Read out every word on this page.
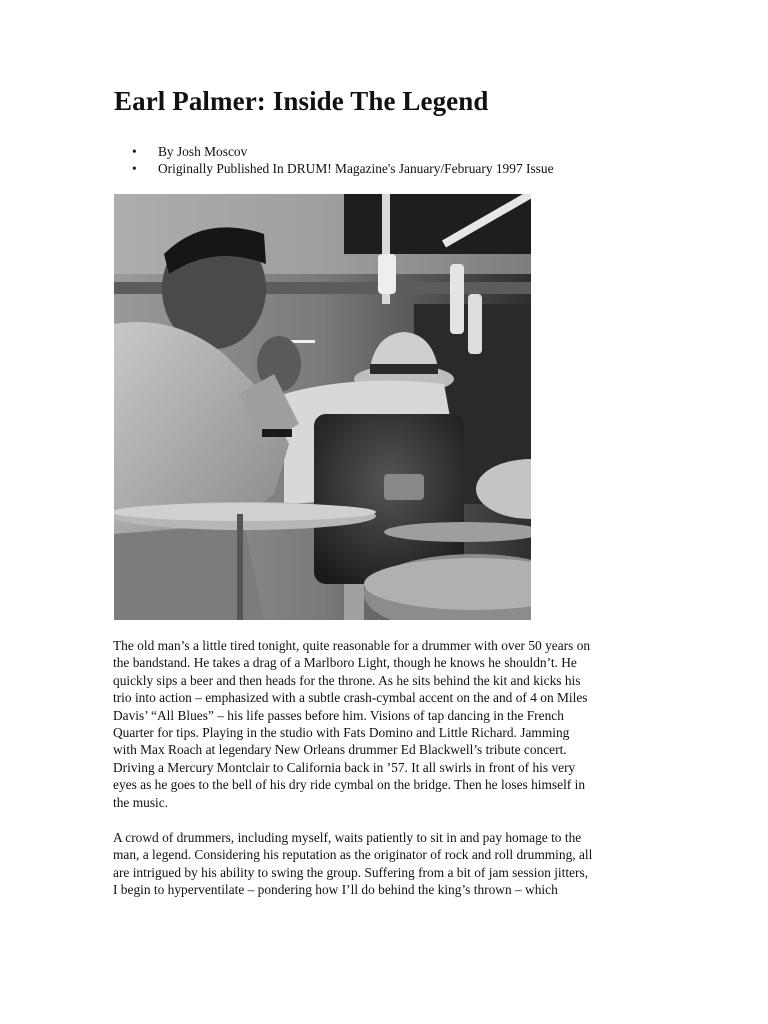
Earl Palmer: Inside The Legend
• By Josh Moscov
• Originally Published In DRUM! Magazine's January/February 1997 Issue
The old man’s a little tired tonight, quite reasonable for a drummer with over 50 years on
the bandstand. He takes a drag of a Marlboro Light, though he knows he shouldn’t. He
quickly sips a beer and then heads for the throne. As he sits behind the kit and kicks his
trio into action – emphasized with a subtle crash-cymbal accent on the and of 4 on Miles
Davis’ “All Blues” – his life passes before him. Visions of tap dancing in the French
Quarter for tips. Playing in the studio with Fats Domino and Little Richard. Jamming
with Max Roach at legendary New Orleans drummer Ed Blackwell’s tribute concert.
Driving a Mercury Montclair to California back in ’57. It all swirls in front of his very
eyes as he goes to the bell of his dry ride cymbal on the bridge. Then he loses himself in
the music.
A crowd of drummers, including myself, waits patiently to sit in and pay homage to the
man, a legend. Considering his reputation as the originator of rock and roll drumming, all
are intrigued by his ability to swing the group. Suffering from a bit of jam session jitters,
I begin to hyperventilate – pondering how I’ll do behind the king’s thrown – which
